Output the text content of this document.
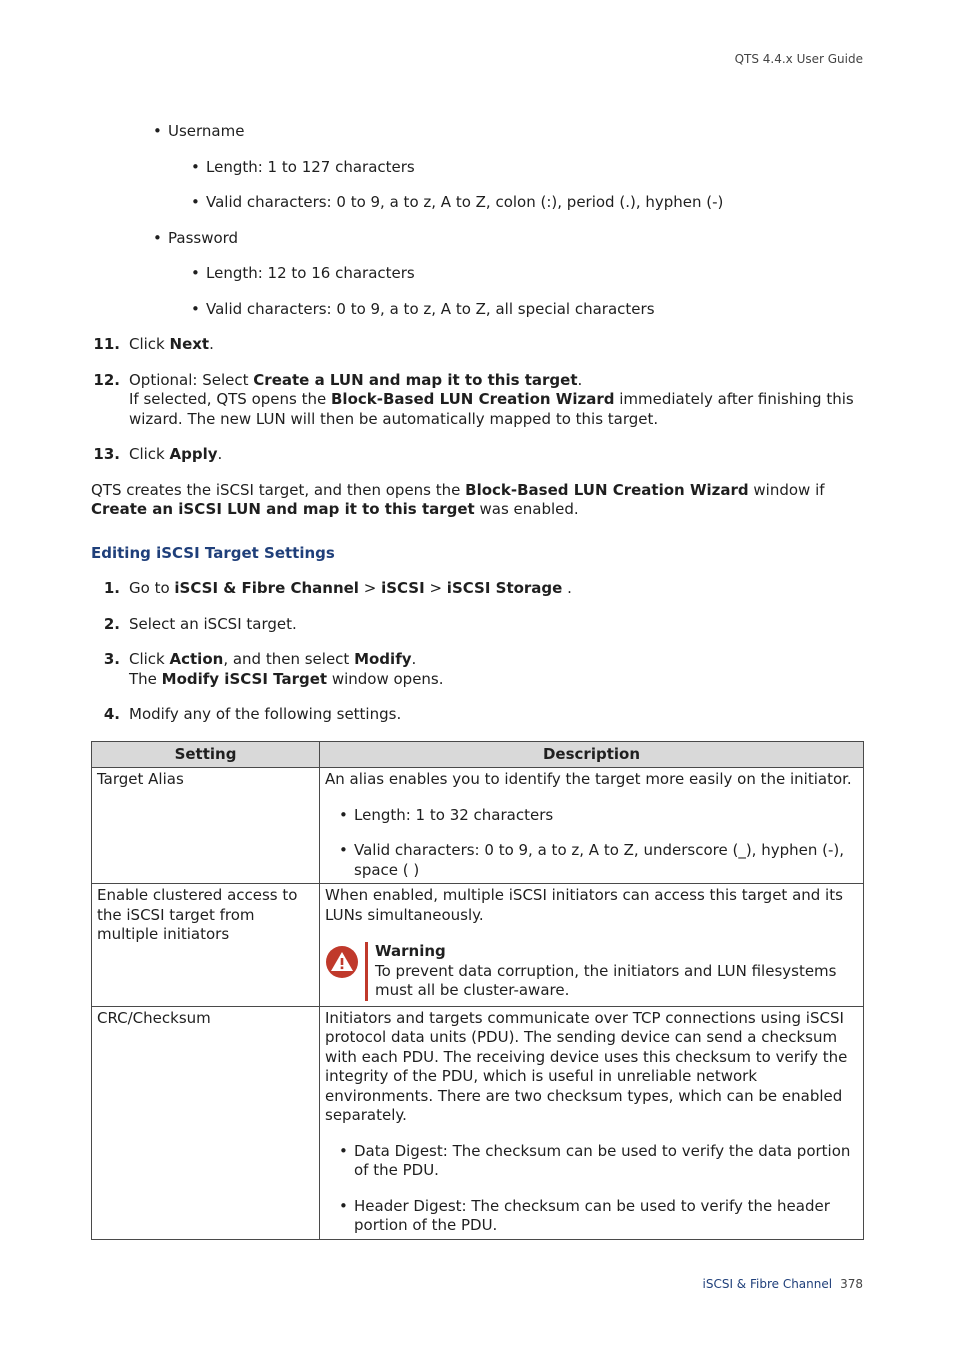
QTS 4.4.x User Guide
• Username
• Length: 1 to 127 characters
• Valid characters: 0 to 9, a to z, A to Z, colon (:), period (.), hyphen (-)
• Password
• Length: 12 to 16 characters
• Valid characters: 0 to 9, a to z, A to Z, all special characters
11. Click Next.
12. Optional: Select Create a LUN and map it to this target.
If selected, QTS opens the Block-Based LUN Creation Wizard immediately after finishing this wizard. The new LUN will then be automatically mapped to this target.
13. Click Apply.
QTS creates the iSCSI target, and then opens the Block-Based LUN Creation Wizard window if Create an iSCSI LUN and map it to this target was enabled.
Editing iSCSI Target Settings
1. Go to iSCSI & Fibre Channel > iSCSI > iSCSI Storage .
2. Select an iSCSI target.
3. Click Action, and then select Modify.
The Modify iSCSI Target window opens.
4. Modify any of the following settings.
Setting	Description
Target Alias	An alias enables you to identify the target more easily on the initiator.
• Length: 1 to 32 characters
• Valid characters: 0 to 9, a to z, A to Z, underscore (_), hyphen (-), space ( )

Enable clustered access to the iSCSI target from multiple initiators	When enabled, multiple iSCSI initiators can access this target and its LUNs simultaneously.
Warning
To prevent data corruption, the initiators and LUN filesystems must all be cluster-aware.

CRC/Checksum	Initiators and targets communicate over TCP connections using iSCSI protocol data units (PDU). The sending device can send a checksum with each PDU. The receiving device uses this checksum to verify the integrity of the PDU, which is useful in unreliable network environments. There are two checksum types, which can be enabled separately.
• Data Digest: The checksum can be used to verify the data portion of the PDU.
• Header Digest: The checksum can be used to verify the header portion of the PDU.
iSCSI & Fibre Channel 378
